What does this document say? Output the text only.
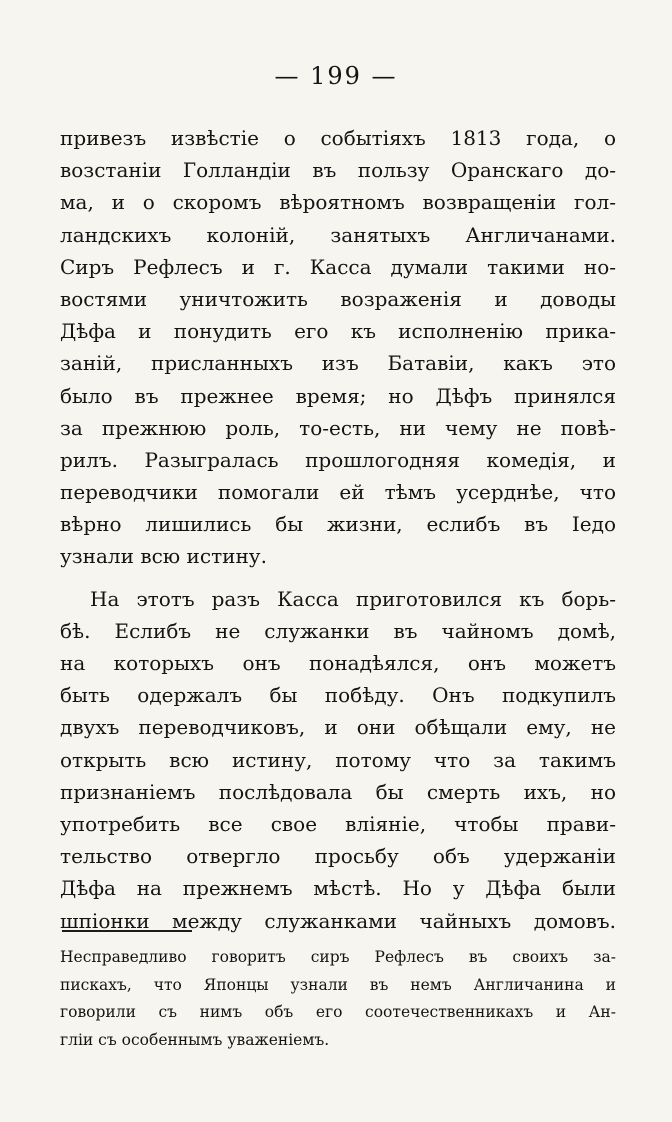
— 199 —
привезъ извѣстіе о событіяхъ 1813 года, о
возстаніи Голландіи въ пользу Оранскаго до-
ма, и о скоромъ вѣроятномъ возвращеніи гол-
ландскихъ колоній, занятыхъ Англичанами.
Сиръ Рефлесъ и г. Касса думали такими но-
востями уничтожить возраженія и доводы
Дѣфа и понудить его къ исполненію прика-
заній, присланныхъ изъ Батавіи, какъ это
было въ прежнее время; но Дѣфъ принялся
за прежнюю роль, то-есть, ни чему не повѣ-
рилъ. Разыгралась прошлогодняя комедія, и
переводчики помогали ей тѣмъ усерднѣе, что
вѣрно лишились бы жизни, еслибъ въ Іедо
узнали всю истину.
На этотъ разъ Касса приготовился къ борь-
бѣ. Еслибъ не служанки въ чайномъ домѣ,
на которыхъ онъ понадѣялся, онъ можетъ
быть одержалъ бы побѣду. Онъ подкупилъ
двухъ переводчиковъ, и они обѣщали ему, не
открыть всю истину, потому что за такимъ
признаніемъ послѣдовала бы смерть ихъ, но
употребить все свое вліяніе, чтобы прави-
тельство отвергло просьбу объ удержаніи
Дѣфа на прежнемъ мѣстѣ. Но у Дѣфа были
шпіонки между служанками чайныхъ домовъ.
Несправедливо говоритъ сиръ Рефлесъ въ своихъ за-
пискахъ, что Японцы узнали въ немъ Англичанина и
говорили съ нимъ объ его соотечественникахъ и Ан-
гліи съ особеннымъ уваженіемъ.
